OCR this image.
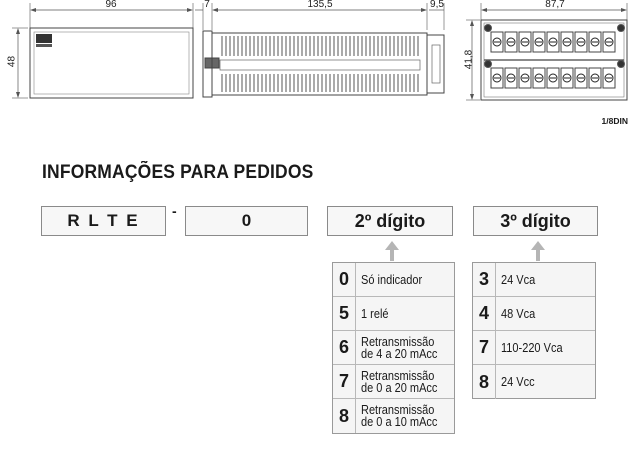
96
48
7	135,5	9,5	87,7
41,8
1/8DIN
INFORMAÇÕES PARA PEDIDOS
R L T E	-	0	2º dígito	3º dígito
0 Só indicador
5 1 relé
6 Retransmissão
de 4 a 20 mAcc
7 Retransmissão
de 0 a 20 mAcc
8 Retransmissão
de 0 a 10 mAcc
3 24 Vca
4 48 Vca
7 110-220 Vca
8 24 Vcc
